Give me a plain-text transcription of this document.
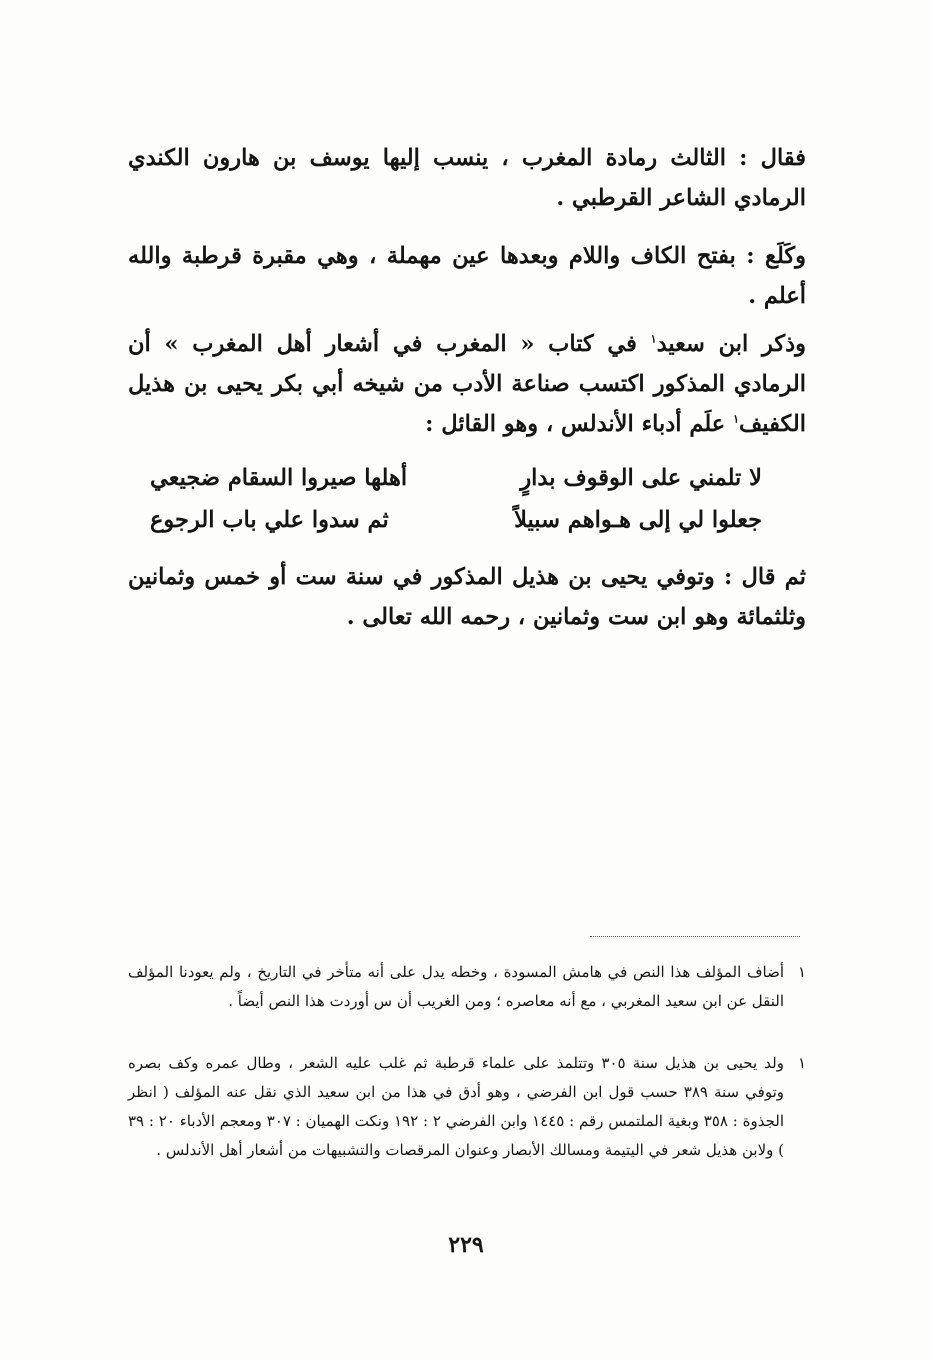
فقال : الثالث رمادة المغرب ، ينسب إليها يوسف بن هارون الكندي الرمادي الشاعر القرطبي .

وكَلَع : بفتح الكاف واللام وبعدها عين مهملة ، وهي مقبرة قرطبة والله أعلم .

وذكر ابن سعيد$^١$ في كتاب « المغرب في أشعار أهل المغرب » أن الرمادي المذكور اكتسب صناعة الأدب من شيخه أبي بكر يحيى بن هذيل الكفيف$^١$ علَم أدباء الأندلس ، وهو القائل :

لا تلمني على الوقوف بدارٍ
أهلها صيروا السقام ضجيعي
جعلوا لي إلى هـواهم سبيلاً
ثم سدوا علي باب الرجوع

ثم قال : وتوفي يحيى بن هذيل المذكور في سنة ست أو خمس وثمانين وثلثمائة وهو ابن ست وثمانين ، رحمه الله تعالى .

١
أضاف المؤلف هذا النص في هامش المسودة ، وخطه يدل على أنه متأخر في التاريخ ، ولم يعودنا المؤلف النقل عن ابن سعيد المغربي ، مع أنه معاصره ؛ ومن الغريب أن س أوردت هذا النص أيضاً .

١
ولد يحيى بن هذيل سنة ٣٠٥ وتتلمذ على علماء قرطبة ثم غلب عليه الشعر ، وطال عمره وكف بصره وتوفي سنة ٣٨٩ حسب قول ابن الفرضي ، وهو أدق في هذا من ابن سعيد الذي نقل عنه المؤلف ( انظر الجذوة : ٣٥٨ وبغية الملتمس رقم : ١٤٤٥ وابن الفرضي ٢ : ١٩٢ ونكت الهميان : ٣٠٧ ومعجم الأدباء ٢٠ : ٣٩ ) ولابن هذيل شعر في اليتيمة ومسالك الأبصار وعنوان المرقصات والتشبيهات من أشعار أهل الأندلس .

٢٢٩
